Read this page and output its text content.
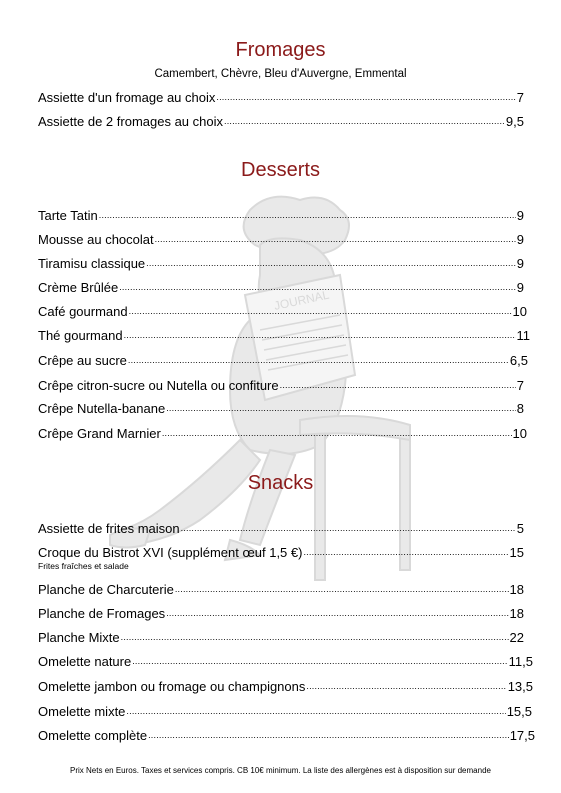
JOURNAL
Fromages
Camembert, Chèvre, Bleu d'Auvergne, Emmental
Assiette d'un fromage au choix .....	7
Assiette de 2 fromages au choix .....	9,5
Desserts
Tarte Tatin .....	9
Mousse au chocolat .....	9
Tiramisu classique .....	9
Crème Brûlée .....	9
Café gourmand .....	10
Thé gourmand .....	11
Crêpe au sucre .....	6,5
Crêpe citron-sucre ou Nutella ou confiture .....	7
Crêpe Nutella-banane .....	8
Crêpe Grand Marnier .....	10
Snacks
Assiette de frites maison .....	5
Croque du Bistrot XVI (supplément œuf 1,5 €) .....	15
Frites fraîches et salade
Planche de Charcuterie .....	18
Planche de Fromages .....	18
Planche Mixte .....	22
Omelette nature .....	11,5
Omelette jambon ou fromage ou champignons .....	13,5
Omelette mixte .....	15,5
Omelette complète .....	17,5
Prix Nets en Euros. Taxes et services compris. CB 10€ minimum. La liste des allergènes est à disposition sur demande
